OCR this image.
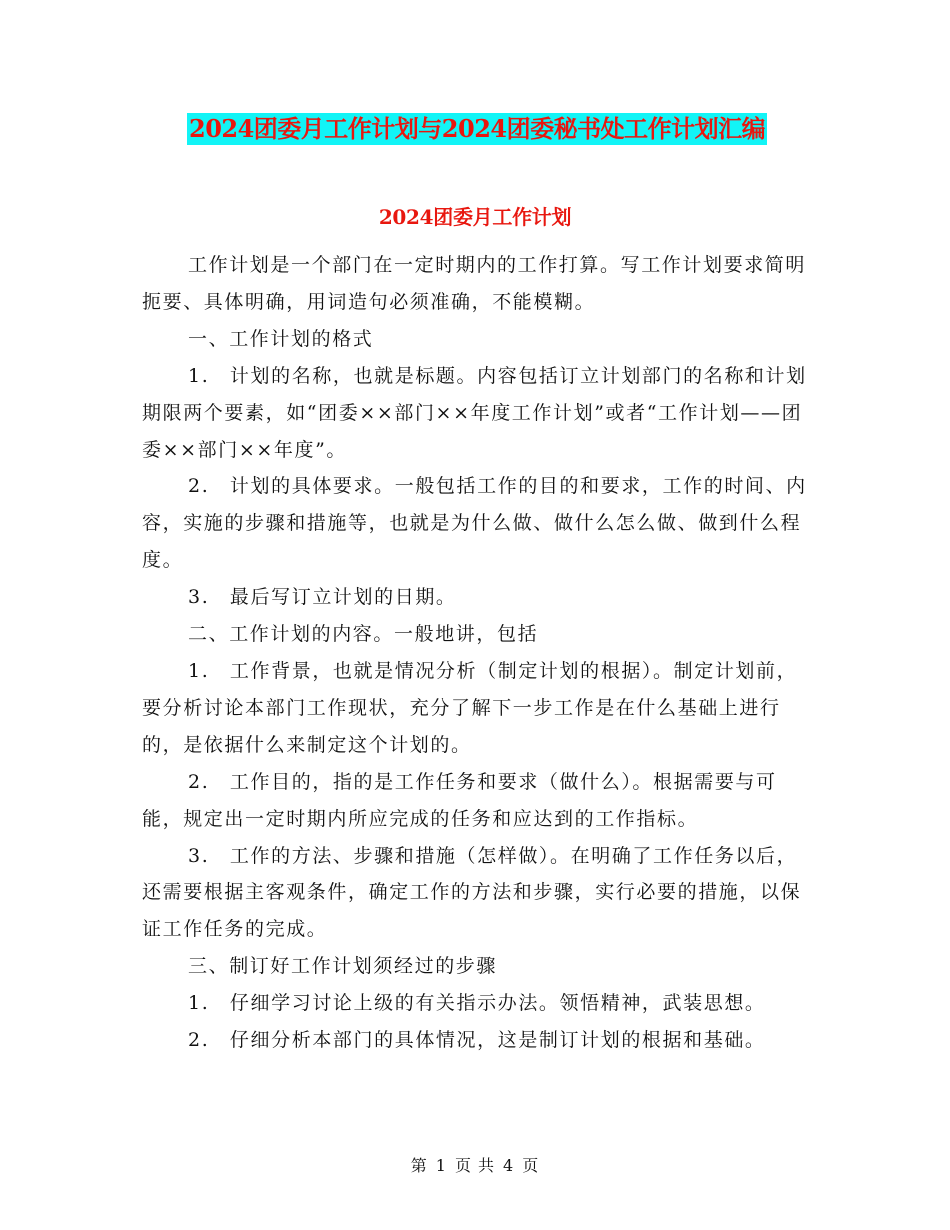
2024团委月工作计划与2024团委秘书处工作计划汇编
2024团委月工作计划

工作计划是一个部门在一定时期内的工作打算。写工作计划要求简明扼要、具体明确，用词造句必须准确，不能模糊。

一、工作计划的格式

1.　计划的名称，也就是标题。内容包括订立计划部门的名称和计划期限两个要素，如“团委××部门××年度工作计划”或者“工作计划——团委××部门××年度”。

2.　计划的具体要求。一般包括工作的目的和要求，工作的时间、内容，实施的步骤和措施等，也就是为什么做、做什么怎么做、做到什么程度。

3.　最后写订立计划的日期。

二、工作计划的内容。一般地讲，包括

1.　工作背景，也就是情况分析（制定计划的根据）。制定计划前，要分析讨论本部门工作现状，充分了解下一步工作是在什么基础上进行的，是依据什么来制定这个计划的。

2.　工作目的，指的是工作任务和要求（做什么）。根据需要与可能，规定出一定时期内所应完成的任务和应达到的工作指标。

3.　工作的方法、步骤和措施（怎样做）。在明确了工作任务以后，还需要根据主客观条件，确定工作的方法和步骤，实行必要的措施，以保证工作任务的完成。

三、制订好工作计划须经过的步骤

1.　仔细学习讨论上级的有关指示办法。领悟精神，武装思想。

2.　仔细分析本部门的具体情况，这是制订计划的根据和基础。

第 1 页 共 4 页
